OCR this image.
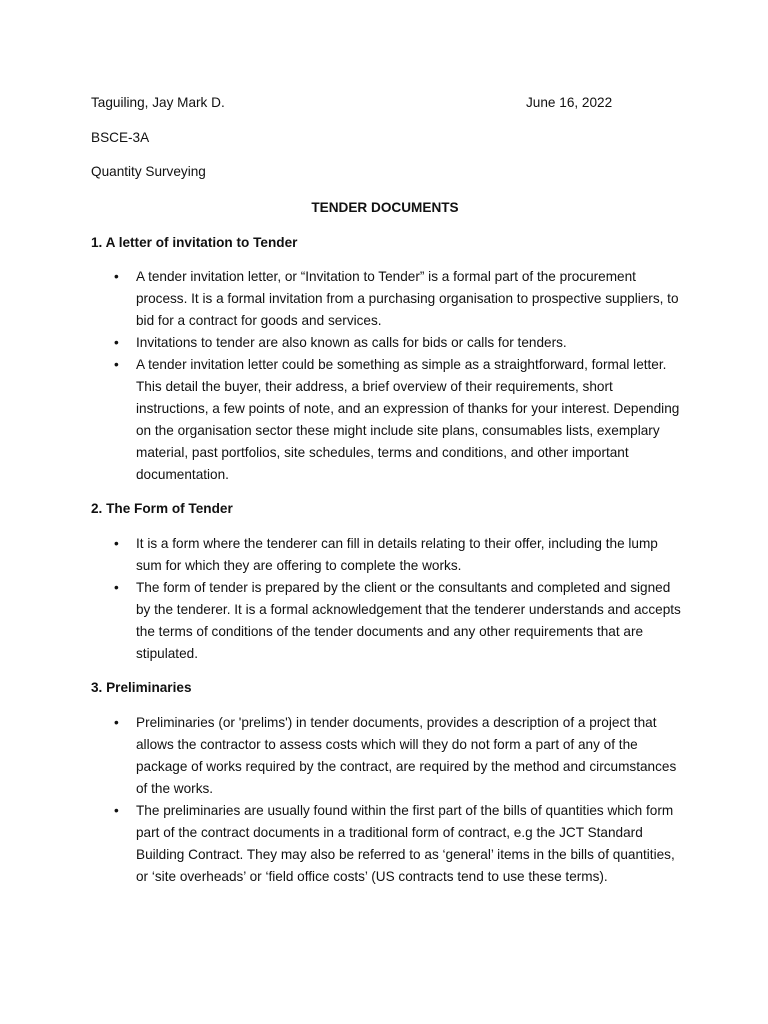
Taguiling, Jay Mark D.	June 16, 2022
BSCE-3A
Quantity Surveying
TENDER DOCUMENTS
1. A letter of invitation to Tender
•	A tender invitation letter, or “Invitation to Tender” is a formal part of the procurement process. It is a formal invitation from a purchasing organisation to prospective suppliers, to bid for a contract for goods and services.
•	Invitations to tender are also known as calls for bids or calls for tenders.
•	A tender invitation letter could be something as simple as a straightforward, formal letter. This detail the buyer, their address, a brief overview of their requirements, short instructions, a few points of note, and an expression of thanks for your interest. Depending on the organisation sector these might include site plans, consumables lists, exemplary material, past portfolios, site schedules, terms and conditions, and other important documentation.
2. The Form of Tender
•	It is a form where the tenderer can fill in details relating to their offer, including the lump sum for which they are offering to complete the works.
•	The form of tender is prepared by the client or the consultants and completed and signed by the tenderer. It is a formal acknowledgement that the tenderer understands and accepts the terms of conditions of the tender documents and any other requirements that are stipulated.
3. Preliminaries
•	Preliminaries (or 'prelims') in tender documents, provides a description of a project that allows the contractor to assess costs which will they do not form a part of any of the package of works required by the contract, are required by the method and circumstances of the works.
•	The preliminaries are usually found within the first part of the bills of quantities which form part of the contract documents in a traditional form of contract, e.g the JCT Standard Building Contract. They may also be referred to as ‘general’ items in the bills of quantities, or ‘site overheads’ or ‘field office costs’ (US contracts tend to use these terms).
